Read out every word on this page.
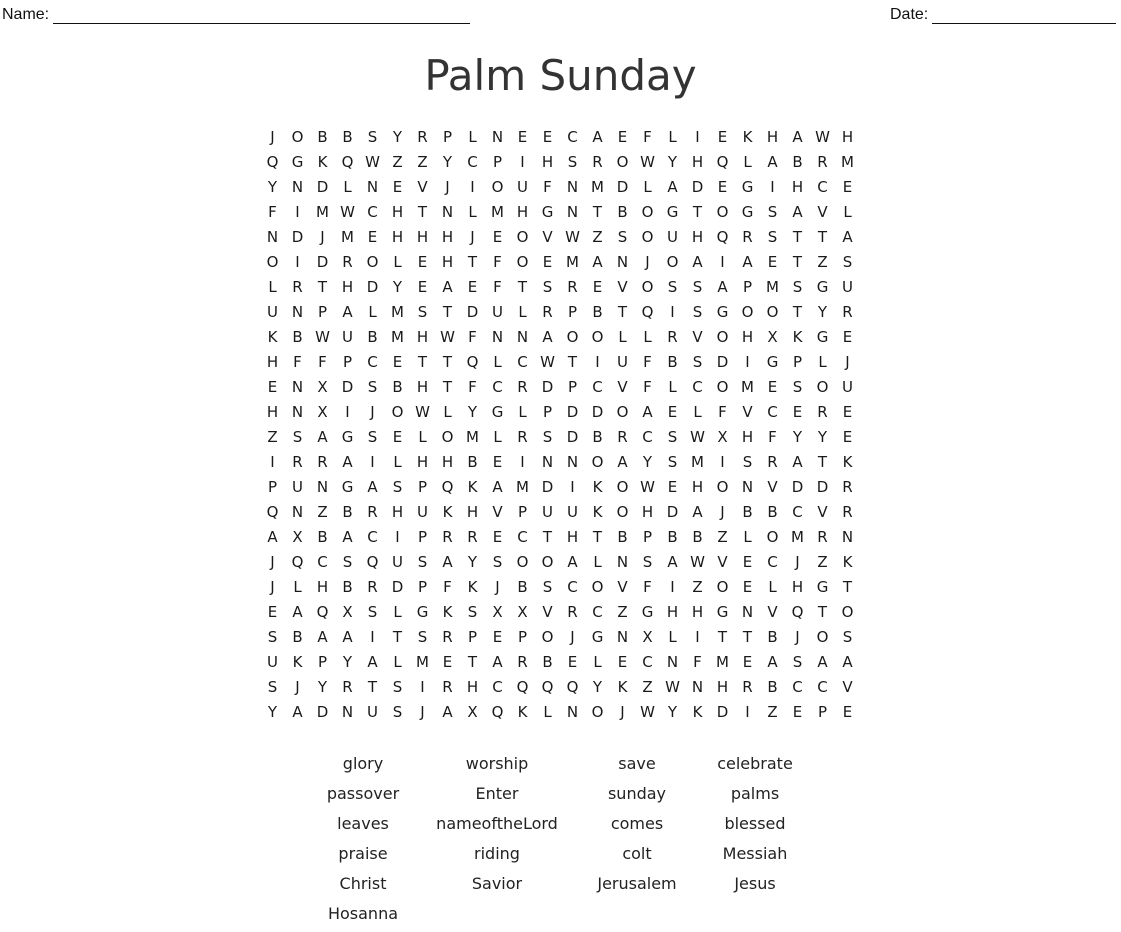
Name:	Date:
Palm Sunday
J	O B B	S	Y	R	P	L	N E	E	C A	E	F	L	I	E	K H A W H
Q G K Q W Z Z	Y	C	P	I	H S	R O W Y H Q L	A B R M
Y N D	L	N E	V	J	I	O U	F	N M D	L	A D E G	I	H C	E
F	I	M W C H T N	L M H G N T	B O G T O G S	A V	L
N D	J	M E H H H	J	E O V W Z	S O U H Q R	S	T	T	A
O	I	D R O L	E H T	F O E M A N	J	O A	I	A	E	T	Z	S
L	R	T H D Y	E	A	E	F	T	S	R	E	V O S	S	A	P M S G U
U N P	A	L M S	T D U	L	R	P	B	T Q	I	S G O O T	Y	R
K B W U B M H W F	N N A O O L	L	R V O H X K G E
H	F	F	P	C	E	T	T Q L	C W T	I	U	F	B	S D	I	G P	L	J
E N X D S	B H T	F	C R D P	C V	F	L	C O M E	S O U
H N X	I	J	O W L	Y G	L	P D D O A	E	L	F	V C	E	R	E
Z	S	A G S	E	L O M L	R	S D B R C	S W X H	F	Y	Y	E
I	R R A	I	L	H H B	E	I	N N O A	Y	S M	I	S	R A	T	K
P U N G A	S	P Q K A M D	I	K O W E H O N V D D R
Q N Z B R H U K H V	P U U K O H D A	J	B B C V R
A X B A C	I	P	R R	E	C	T H T	B	P	B B Z	L O M R N
J	Q C	S Q U S	A	Y	S O O A	L	N S	A W V	E	C	J	Z K
J	L	H B R D P	F	K	J	B	S C O V	F	I	Z O E	L	H G T
E	A Q X	S	L	G K	S	X X V R C Z G H H G N V Q T O
S	B A A	I	T	S	R	P	E	P O	J	G N X	L	I	T	T	B	J	O S
U K	P	Y	A	L M E	T	A R B	E	L	E	C N	F M E	A	S	A A
S	J	Y	R	T	S	I	R H C Q Q Q Y	K Z W N H R B C C V
Y	A D N U S	J	A X Q K	L	N O	J	W Y	K D	I	Z	E	P	E
glory	worship	save	celebrate
passover	Enter	sunday	palms
leaves	nameoftheLord	comes	blessed
praise	riding	colt	Messiah
Christ	Savior	Jerusalem	Jesus
Hosanna
